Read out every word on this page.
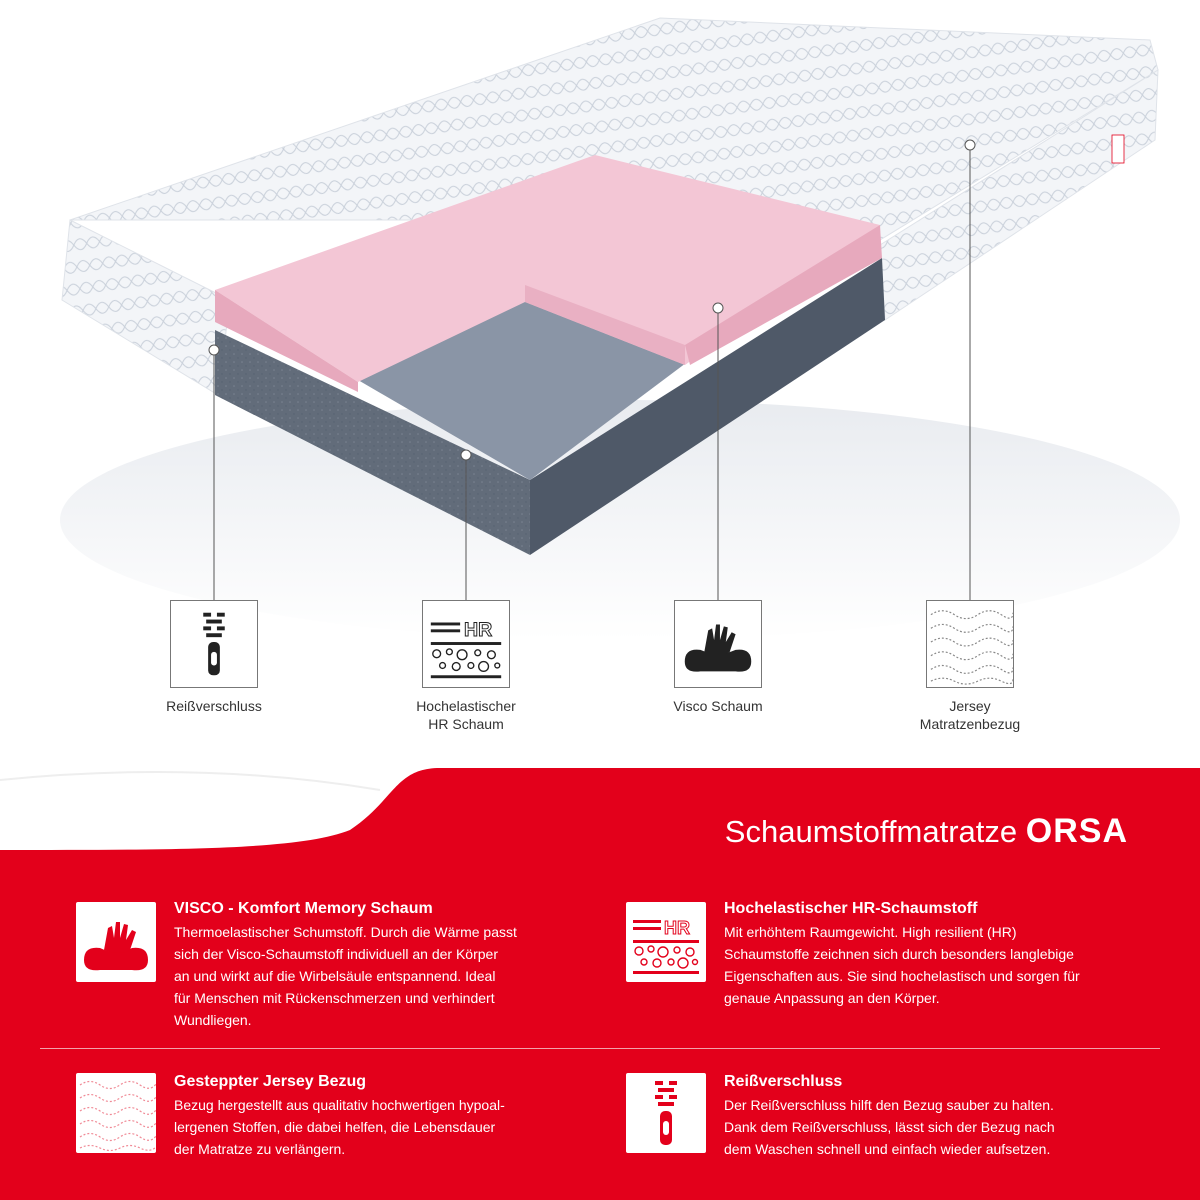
HR
Reißverschluss	Hochelastischer
HR Schaum
Visco Schaum	Jersey
Matratzenbezug
Schaumstoffmatratze ORSA
VISCO - Komfort Memory Schaum
Thermoelastischer Schumstoff. Durch die Wärme passt
sich der Visco-Schaumstoff individuell an der Körper
an und wirkt auf die Wirbelsäule entspannend. Ideal
für Menschen mit Rückenschmerzen und verhindert
Wundliegen.
HR
Hochelastischer HR-Schaumstoff
Mit erhöhtem Raumgewicht. High resilient (HR)
Schaumstoffe zeichnen sich durch besonders langlebige
Eigenschaften aus. Sie sind hochelastisch und sorgen für
genaue Anpassung an den Körper.
Gesteppter Jersey Bezug
Bezug hergestellt aus qualitativ hochwertigen hypoal-
lergenen Stoffen, die dabei helfen, die Lebensdauer
der Matratze zu verlängern.
Reißverschluss
Der Reißverschluss hilft den Bezug sauber zu halten.
Dank dem Reißverschluss, lässt sich der Bezug nach
dem Waschen schnell und einfach wieder aufsetzen.
